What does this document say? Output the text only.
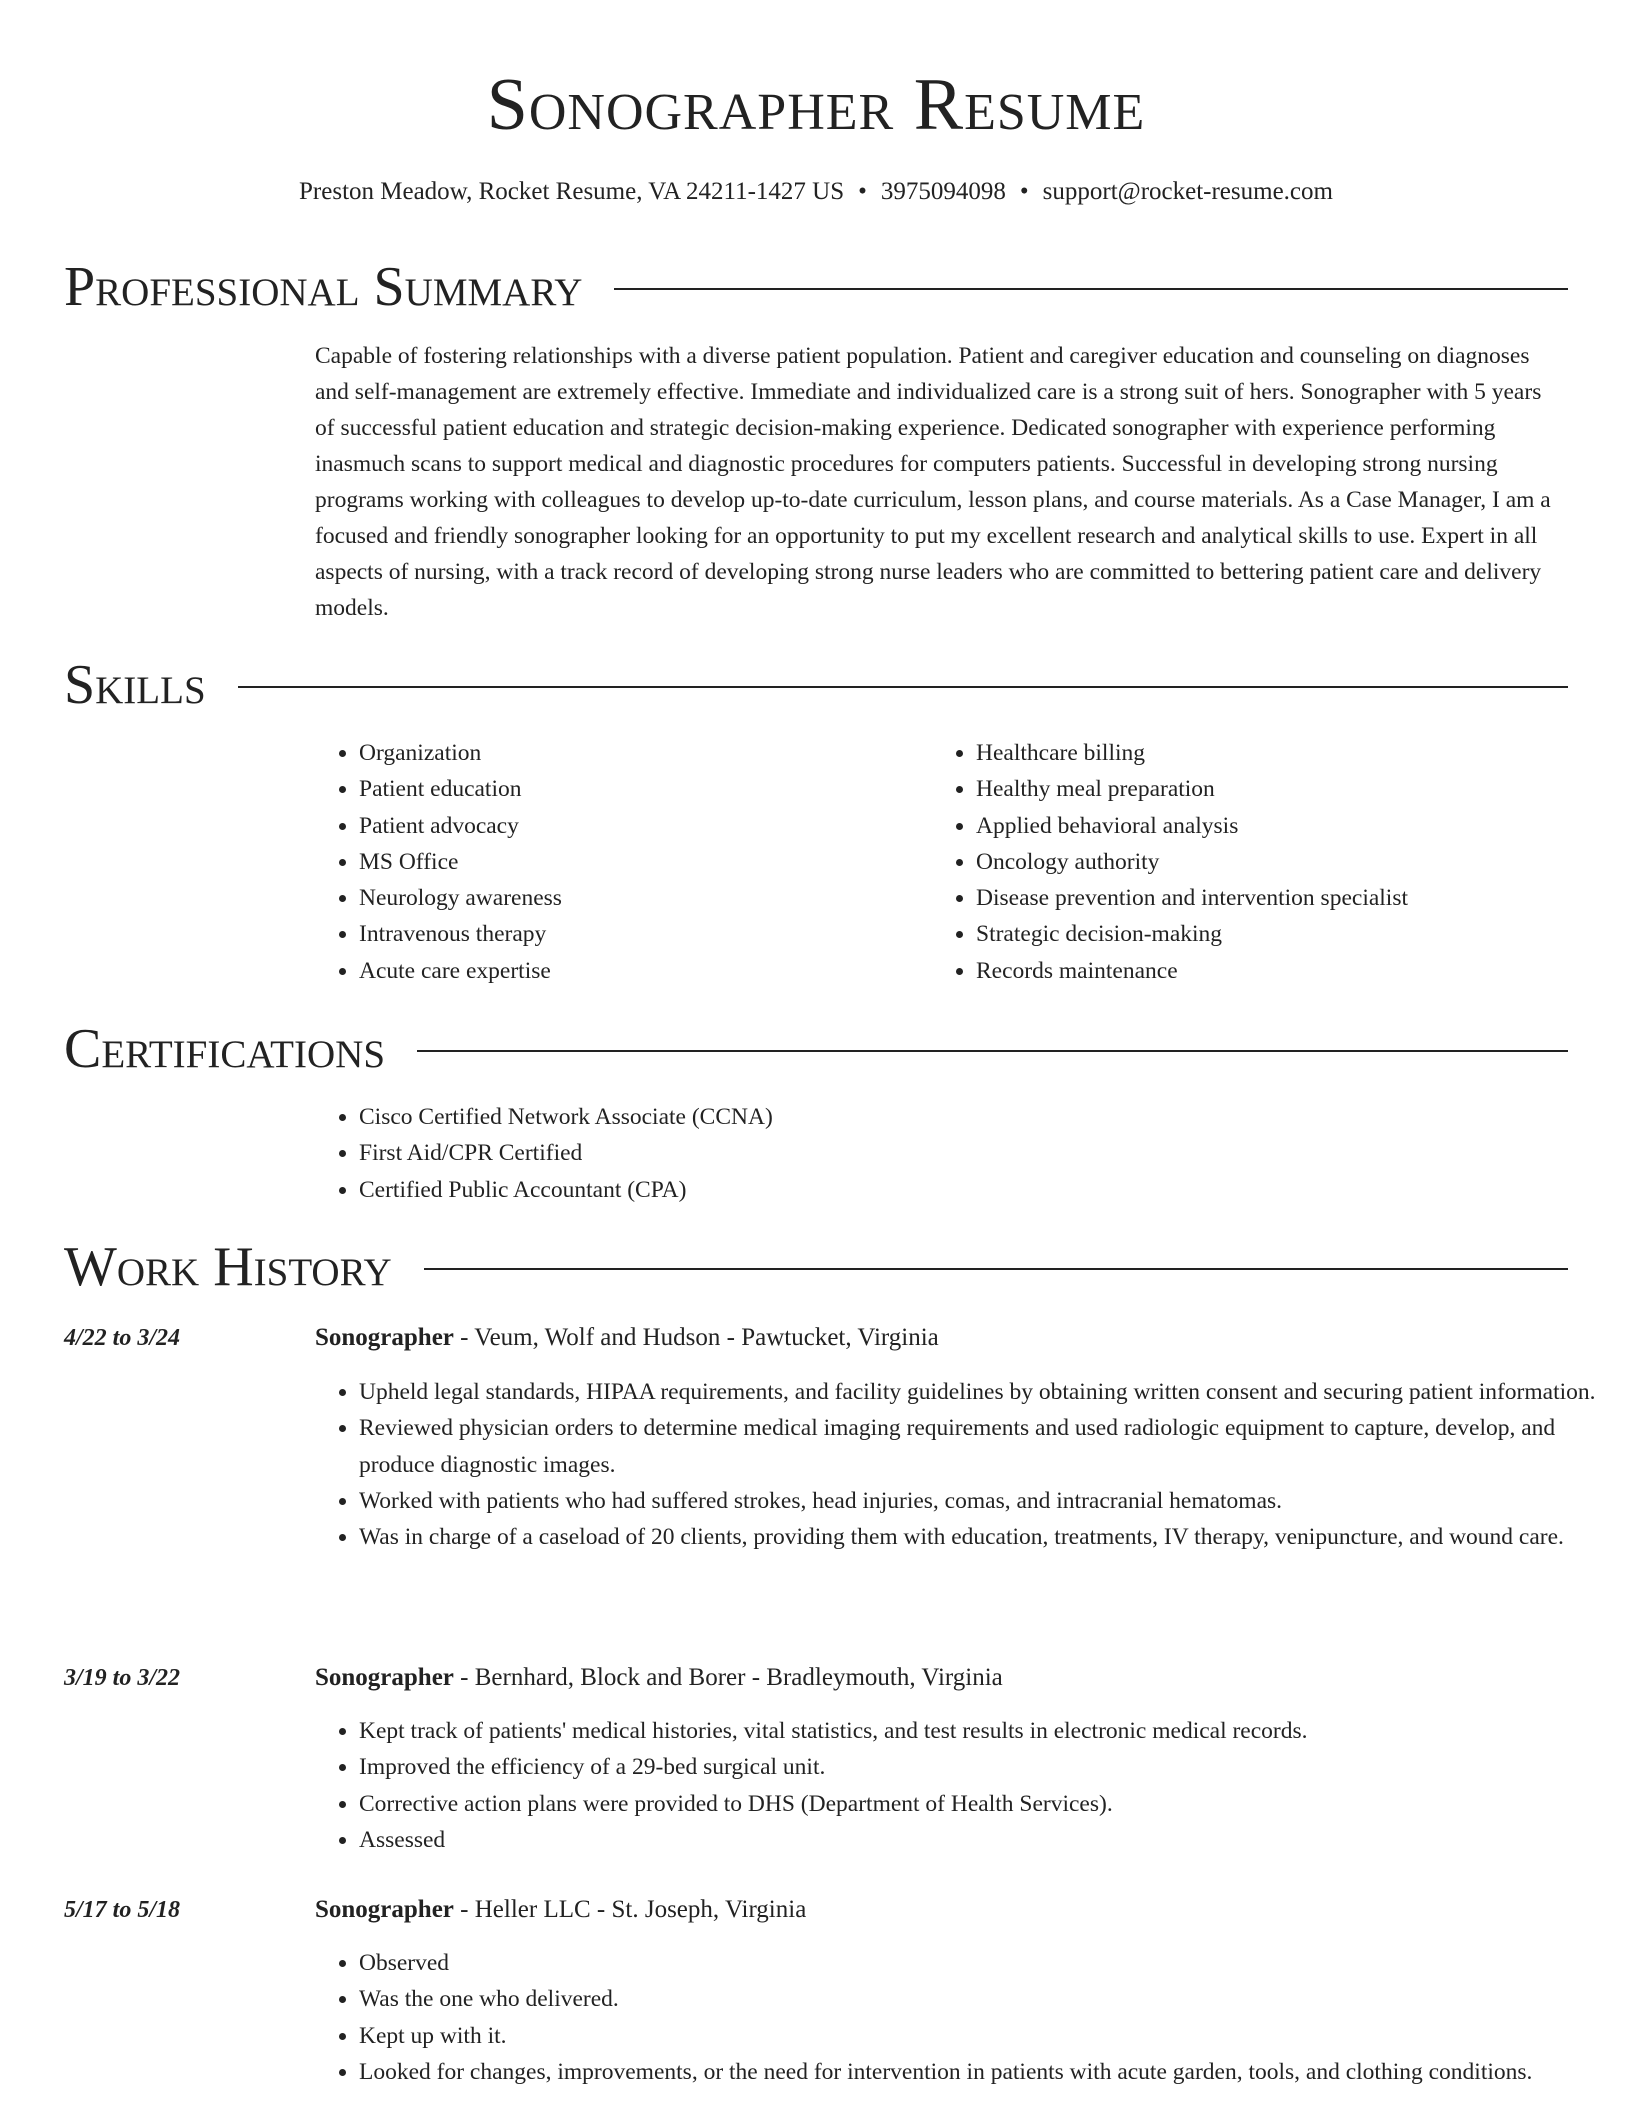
Sonographer Resume
Preston Meadow, Rocket Resume, VA 24211-1427 US • 3975094098 • support@rocket-resume.com
Professional Summary

Capable of fostering relationships with a diverse patient population. Patient and caregiver education and counseling on diagnoses and self-management are extremely effective. Immediate and individualized care is a strong suit of hers. Sonographer with 5 years of successful patient education and strategic decision-making experience. Dedicated sonographer with experience performing inasmuch scans to support medical and diagnostic procedures for computers patients. Successful in developing strong nursing programs working with colleagues to develop up-to-date curriculum, lesson plans, and course materials. As a Case Manager, I am a focused and friendly sonographer looking for an opportunity to put my excellent research and analytical skills to use. Expert in all aspects of nursing, with a track record of developing strong nurse leaders who are committed to bettering patient care and delivery models.

Skills
• Organization
• Patient education
• Patient advocacy
• MS Office
• Neurology awareness
• Intravenous therapy
• Acute care expertise
• Healthcare billing
• Healthy meal preparation
• Applied behavioral analysis
• Oncology authority
• Disease prevention and intervention specialist
• Strategic decision-making
• Records maintenance
Certifications
• Cisco Certified Network Associate (CCNA)
• First Aid/CPR Certified
• Certified Public Accountant (CPA)
Work History
4/22 to 3/24	Sonographer - Veum, Wolf and Hudson - Pawtucket, Virginia
• Upheld legal standards, HIPAA requirements, and facility guidelines by obtaining written consent and securing patient information.
• Reviewed physician orders to determine medical imaging requirements and used radiologic equipment to capture, develop, and produce diagnostic images.
• Worked with patients who had suffered strokes, head injuries, comas, and intracranial hematomas.
• Was in charge of a caseload of 20 clients, providing them with education, treatments, IV therapy, venipuncture, and wound care.
3/19 to 3/22	Sonographer - Bernhard, Block and Borer - Bradleymouth, Virginia
• Kept track of patients' medical histories, vital statistics, and test results in electronic medical records.
• Improved the efficiency of a 29-bed surgical unit.
• Corrective action plans were provided to DHS (Department of Health Services).
• Assessed
5/17 to 5/18	Sonographer - Heller LLC - St. Joseph, Virginia
• Observed
• Was the one who delivered.
• Kept up with it.
• Looked for changes, improvements, or the need for intervention in patients with acute garden, tools, and clothing conditions.
